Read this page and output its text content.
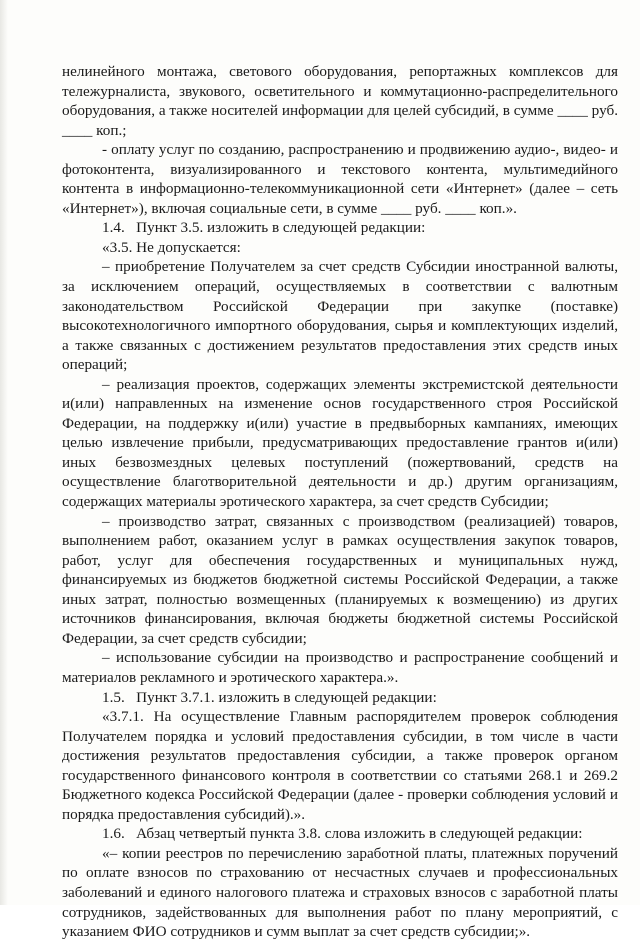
нелинейного монтажа, светового оборудования, репортажных комплексов для тележурналиста, звукового, осветительного и коммутационно-распределительного оборудования, а также носителей информации для целей субсидий, в сумме ____ руб. ____ коп.;

- оплату услуг по созданию, распространению и продвижению аудио-, видео- и фотоконтента, визуализированного и текстового контента, мультимедийного контента в информационно-телекоммуникационной сети «Интернет» (далее – сеть «Интернет»), включая социальные сети, в сумме ____ руб. ____ коп.».

1.4.   Пункт 3.5. изложить в следующей редакции:

«3.5. Не допускается:

– приобретение Получателем за счет средств Субсидии иностранной валюты, за исключением операций, осуществляемых в соответствии с валютным законодательством Российской Федерации при закупке (поставке) высокотехнологичного импортного оборудования, сырья и комплектующих изделий, а также связанных с достижением результатов предоставления этих средств иных операций;

– реализация проектов, содержащих элементы экстремистской деятельности и(или) направленных на изменение основ государственного строя Российской Федерации, на поддержку и(или) участие в предвыборных кампаниях, имеющих целью извлечение прибыли, предусматривающих предоставление грантов и(или) иных безвозмездных целевых поступлений (пожертвований, средств на осуществление благотворительной деятельности и др.) другим организациям, содержащих материалы эротического характера, за счет средств Субсидии;

– производство затрат, связанных с производством (реализацией) товаров, выполнением работ, оказанием услуг в рамках осуществления закупок товаров, работ, услуг для обеспечения государственных и муниципальных нужд, финансируемых из бюджетов бюджетной системы Российской Федерации, а также иных затрат, полностью возмещенных (планируемых к возмещению) из других источников финансирования, включая бюджеты бюджетной системы Российской Федерации, за счет средств субсидии;

– использование субсидии на производство и распространение сообщений и материалов рекламного и эротического характера.».

1.5.   Пункт 3.7.1. изложить в следующей редакции:

«3.7.1. На осуществление Главным распорядителем проверок соблюдения Получателем порядка и условий предоставления субсидии, в том числе в части достижения результатов предоставления субсидии, а также проверок органом государственного финансового контроля в соответствии со статьями 268.1 и 269.2 Бюджетного кодекса Российской Федерации (далее - проверки соблюдения условий и порядка предоставления субсидий).».

1.6.   Абзац четвертый пункта 3.8. слова изложить в следующей редакции:

«– копии реестров по перечислению заработной платы, платежных поручений по оплате взносов по страхованию от несчастных случаев и профессиональных заболеваний и единого налогового платежа и страховых взносов с заработной платы сотрудников, задействованных для выполнения работ по плану мероприятий, с указанием ФИО сотрудников и сумм выплат за счет средств субсидии;».
